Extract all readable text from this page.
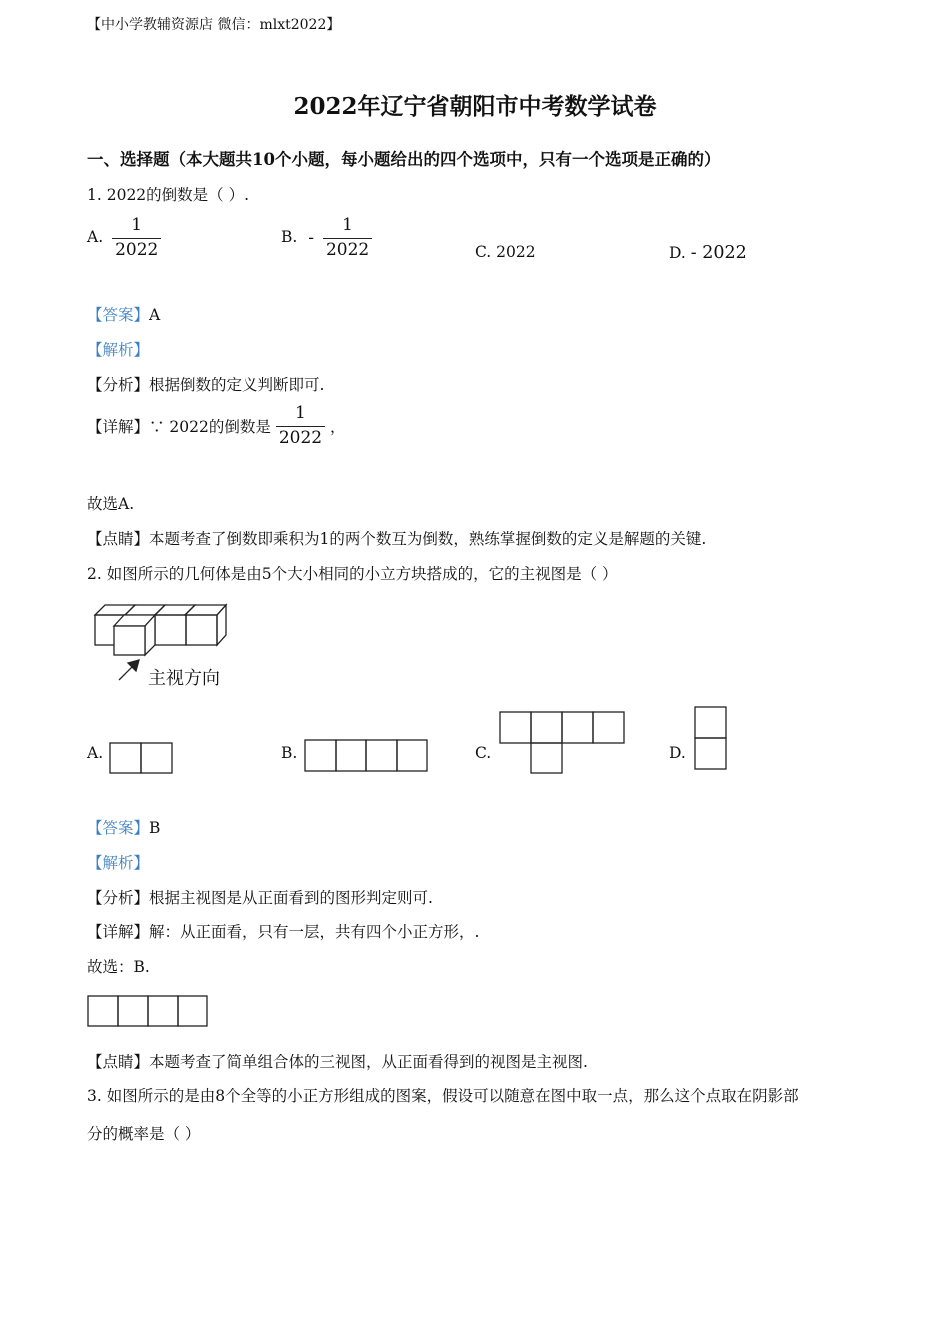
【中小学教辅资源店 微信：mlxt2022】
2022年辽宁省朝阳市中考数学试卷
一、选择题（本大题共10个小题，每小题给出的四个选项中，只有一个选项是正确的）
1. 2022的倒数是（ ）.
A. $\frac{1}{2022}$	B. - $\frac{1}{2022}$	C. 2022	D. - 2022
【答案】A
【解析】
【分析】根据倒数的定义判断即可.
【详解】∵ 2022的倒数是 $\frac{1}{2022}$ ，
故选A.
【点睛】本题考查了倒数即乘积为1的两个数互为倒数，熟练掌握倒数的定义是解题的关键.
2. 如图所示的几何体是由5个大小相同的小立方块搭成的，它的主视图是（ ）
主视方向
A.	B.	C.	D.
【答案】B
【解析】
【分析】根据主视图是从正面看到的图形判定则可.
【详解】解：从正面看，只有一层，共有四个小正方形，.
故选：B.
【点睛】本题考查了简单组合体的三视图，从正面看得到的视图是主视图.
3. 如图所示的是由8个全等的小正方形组成的图案，假设可以随意在图中取一点，那么这个点取在阴影部
分的概率是（ ）
